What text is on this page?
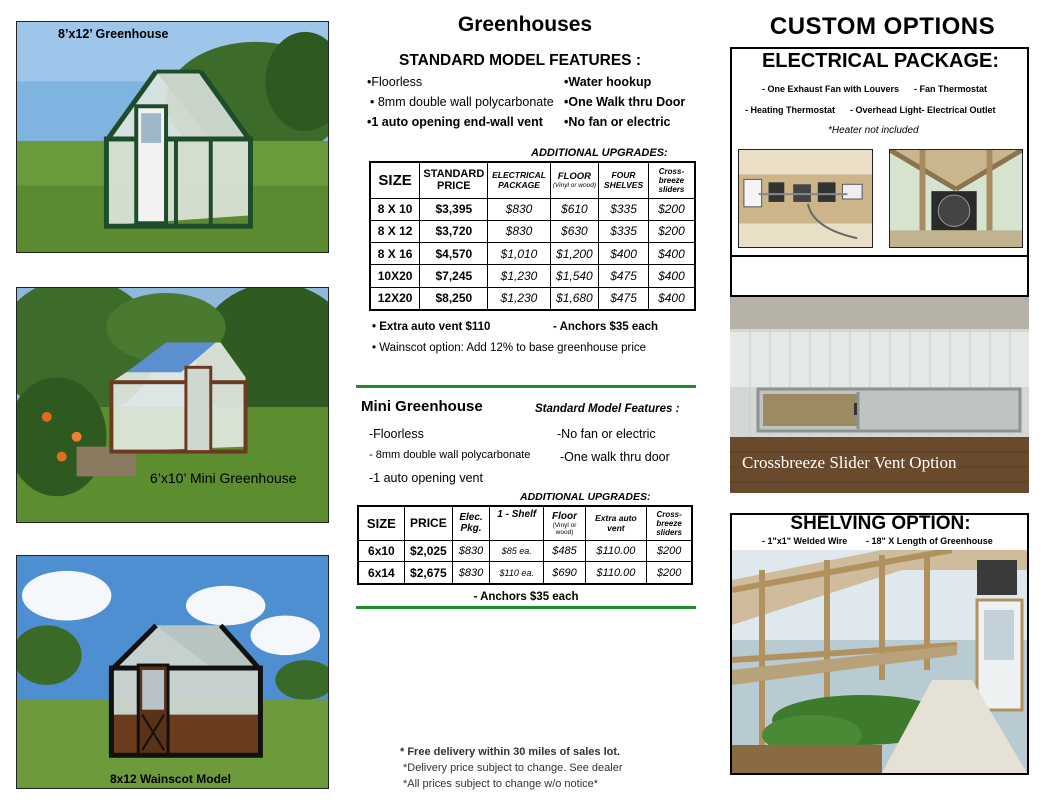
8’x12’ Greenhouse
6’x10’ Mini Greenhouse
8x12 Wainscot Model
Greenhouses
STANDARD MODEL FEATURES :
•Floorless
• 8mm double wall polycarbonate
•1 auto opening end-wall vent
•Water hookup
•One Walk thru Door
•No fan or electric
ADDITIONAL UPGRADES:
SIZE	STANDARD PRICE	ELECTRICAL PACKAGE	FLOOR
(Vinyl or wood)	FOUR SHELVES	Cross-breeze sliders
8 X 10	$3,395	$830	$610	$335	$200
8 X 12	$3,720	$830	$630	$335	$200
8 X 16	$4,570	$1,010	$1,200	$400	$400
10X20	$7,245	$1,230	$1,540	$475	$400
12X20	$8,250	$1,230	$1,680	$475	$400
• Extra auto vent $110	- Anchors $35 each
• Wainscot option: Add 12% to base greenhouse price
Mini Greenhouse	Standard Model Features :
-Floorless
- 8mm double wall polycarbonate
-1 auto opening vent
-No fan or electric
-One walk thru door
ADDITIONAL UPGRADES:
SIZE	PRICE	Elec. Pkg.	1 - Shelf	Floor
(Vinyl or wood)	Extra auto vent	Cross-breeze sliders
6x10	$2,025	$830	$85 ea.	$485	$110.00	$200
6x14	$2,675	$830	$110 ea.	$690	$110.00	$200
- Anchors $35 each
* Free delivery within 30 miles of sales lot.
*Delivery price subject to change. See dealer
*All prices subject to change w/o notice*
CUSTOM OPTIONS
ELECTRICAL PACKAGE:
- One Exhaust Fan with Louvers - Fan Thermostat
- Heating Thermostat - Overhead Light- Electrical Outlet
*Heater not included
Crossbreeze Slider Vent Option
SHELVING OPTION:
- 1"x1" Welded Wire - 18" X Length of Greenhouse
